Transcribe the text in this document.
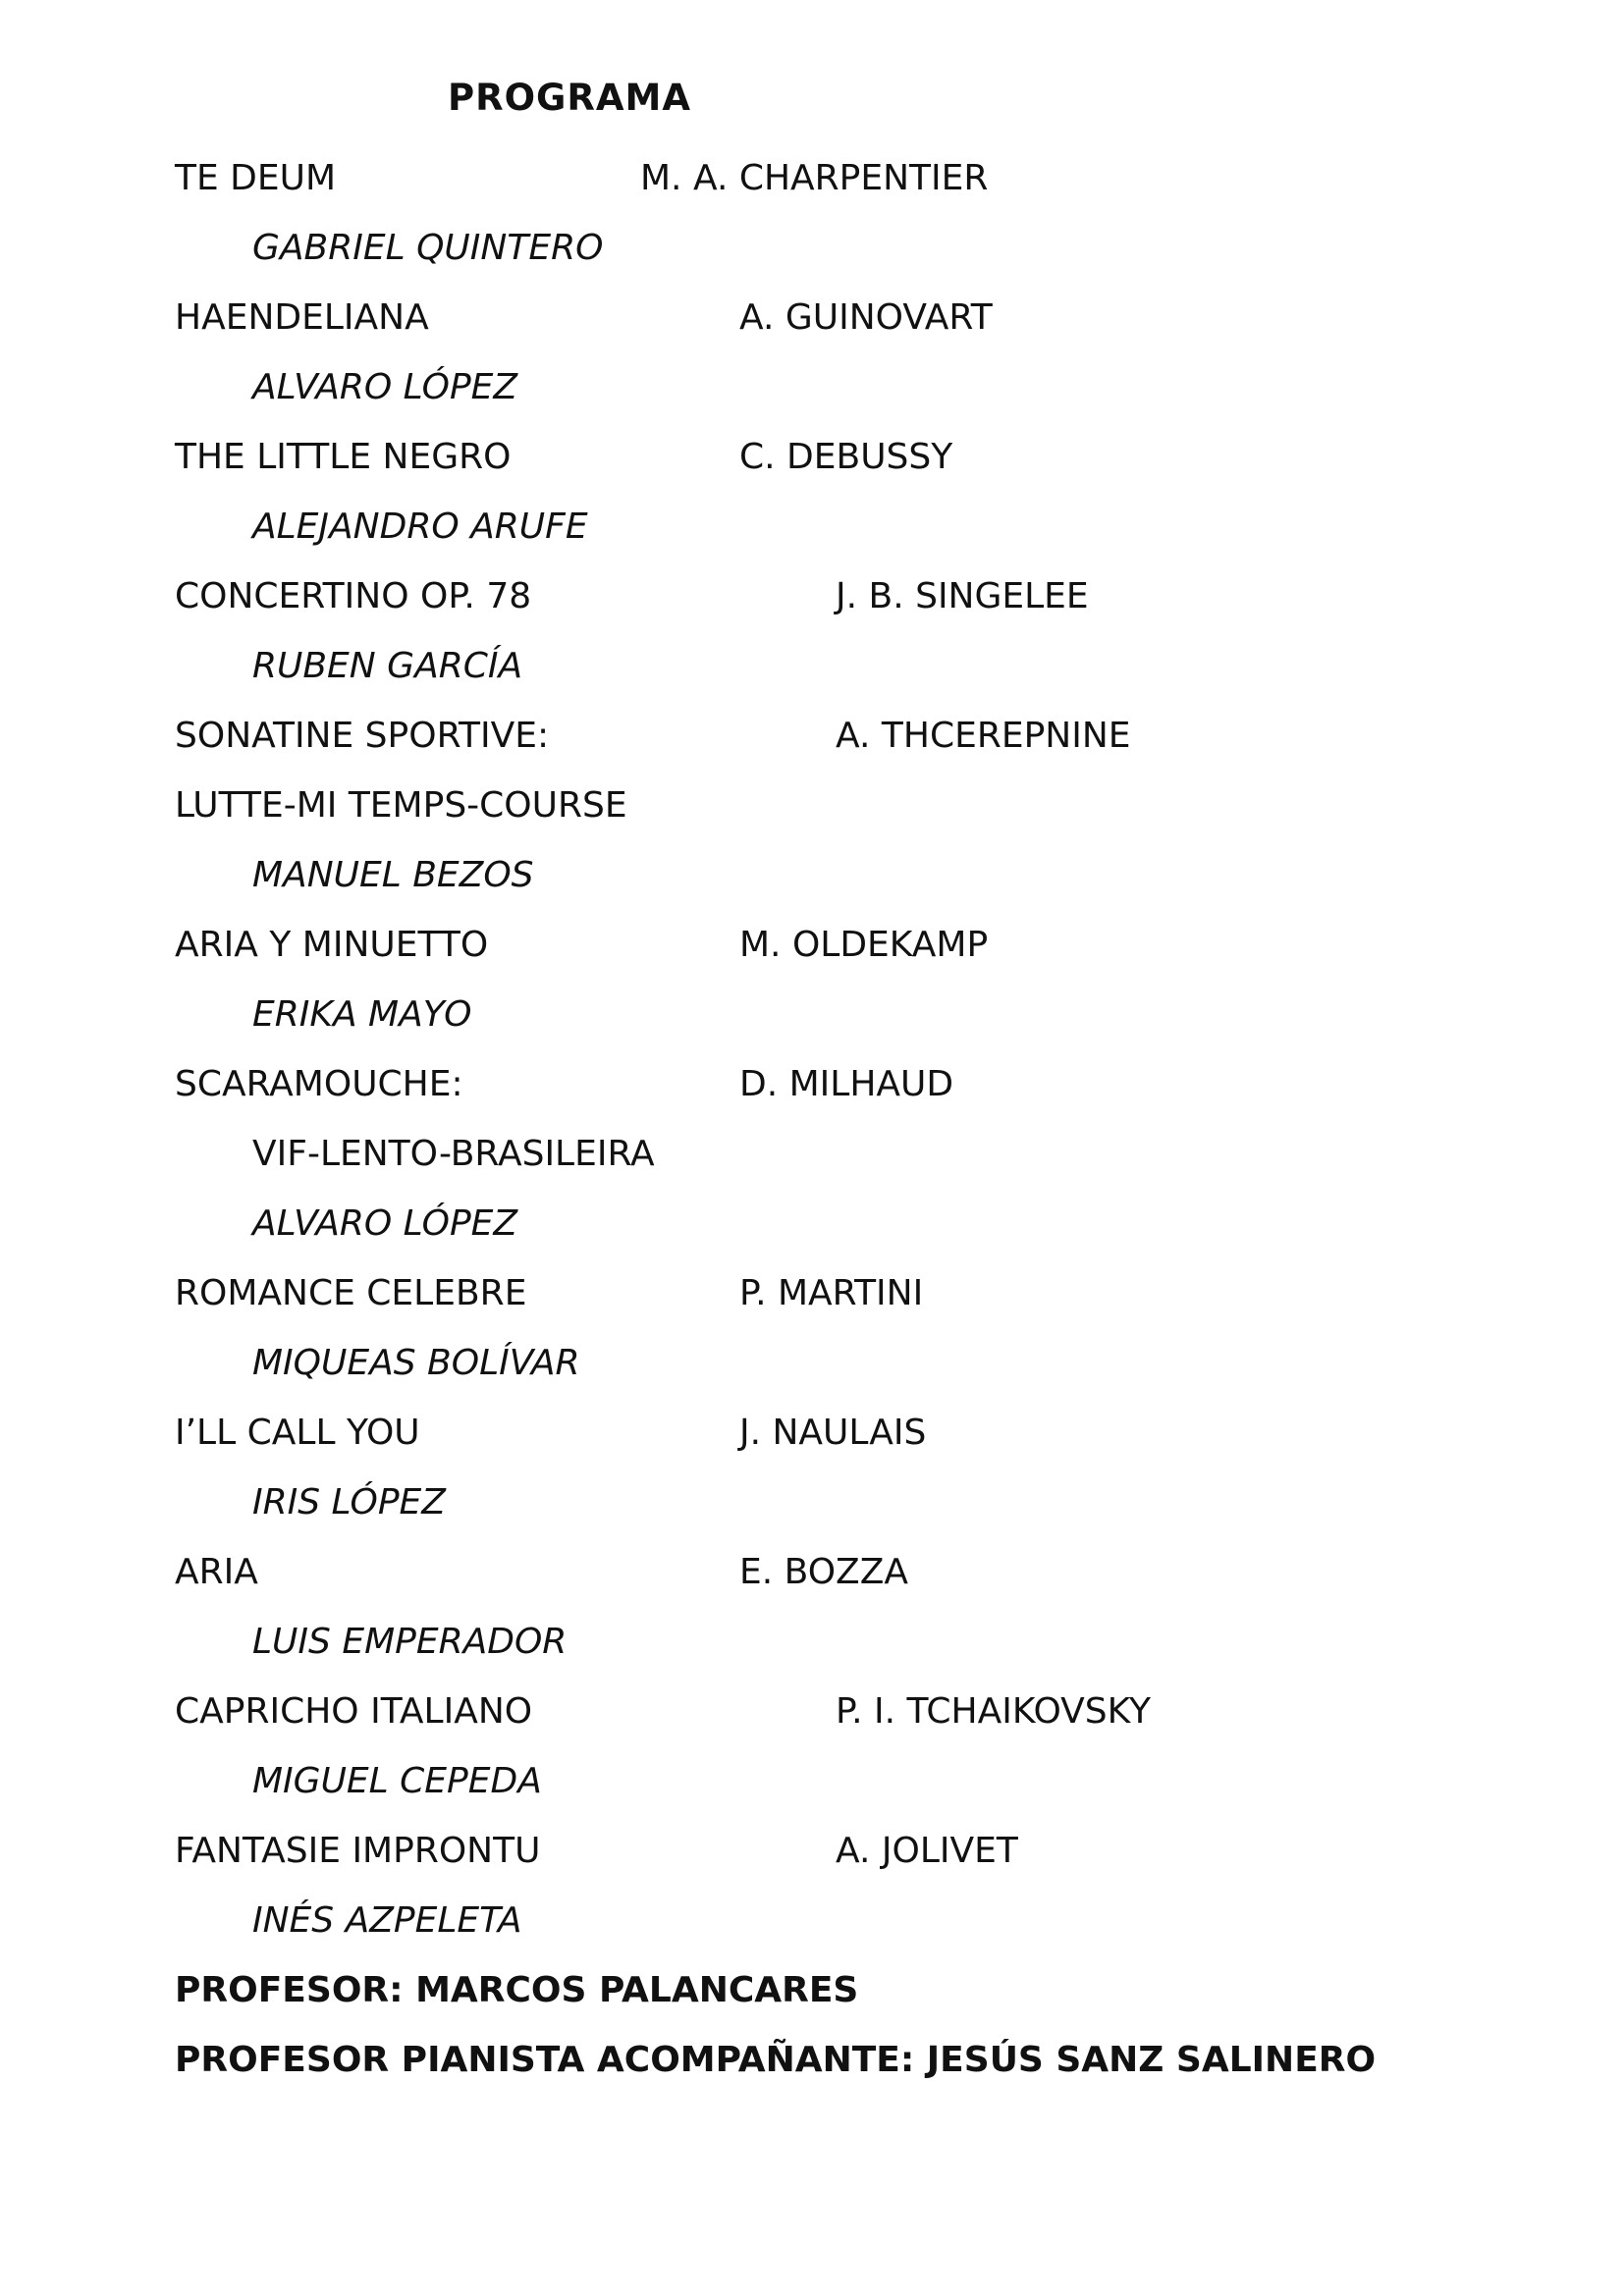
PROGRAMA
TE DEUM	M. A. CHARPENTIER
GABRIEL QUINTERO
HAENDELIANA	A. GUINOVART
ALVARO LÓPEZ
THE LITTLE NEGRO	C. DEBUSSY
ALEJANDRO ARUFE
CONCERTINO OP. 78	J. B. SINGELEE
RUBEN GARCÍA
SONATINE SPORTIVE:	A. THCEREPNINE
LUTTE-MI TEMPS-COURSE
MANUEL BEZOS
ARIA Y MINUETTO	M. OLDEKAMP
ERIKA MAYO
SCARAMOUCHE:	D. MILHAUD
VIF-LENTO-BRASILEIRA
ALVARO LÓPEZ
ROMANCE CELEBRE	P. MARTINI
MIQUEAS BOLÍVAR
I’LL CALL YOU	J. NAULAIS
IRIS LÓPEZ
ARIA	E. BOZZA
LUIS EMPERADOR
CAPRICHO ITALIANO	P. I. TCHAIKOVSKY
MIGUEL CEPEDA
FANTASIE IMPRONTU	A. JOLIVET
INÉS AZPELETA
PROFESOR: MARCOS PALANCARES
PROFESOR PIANISTA ACOMPAÑANTE: JESÚS SANZ SALINERO
